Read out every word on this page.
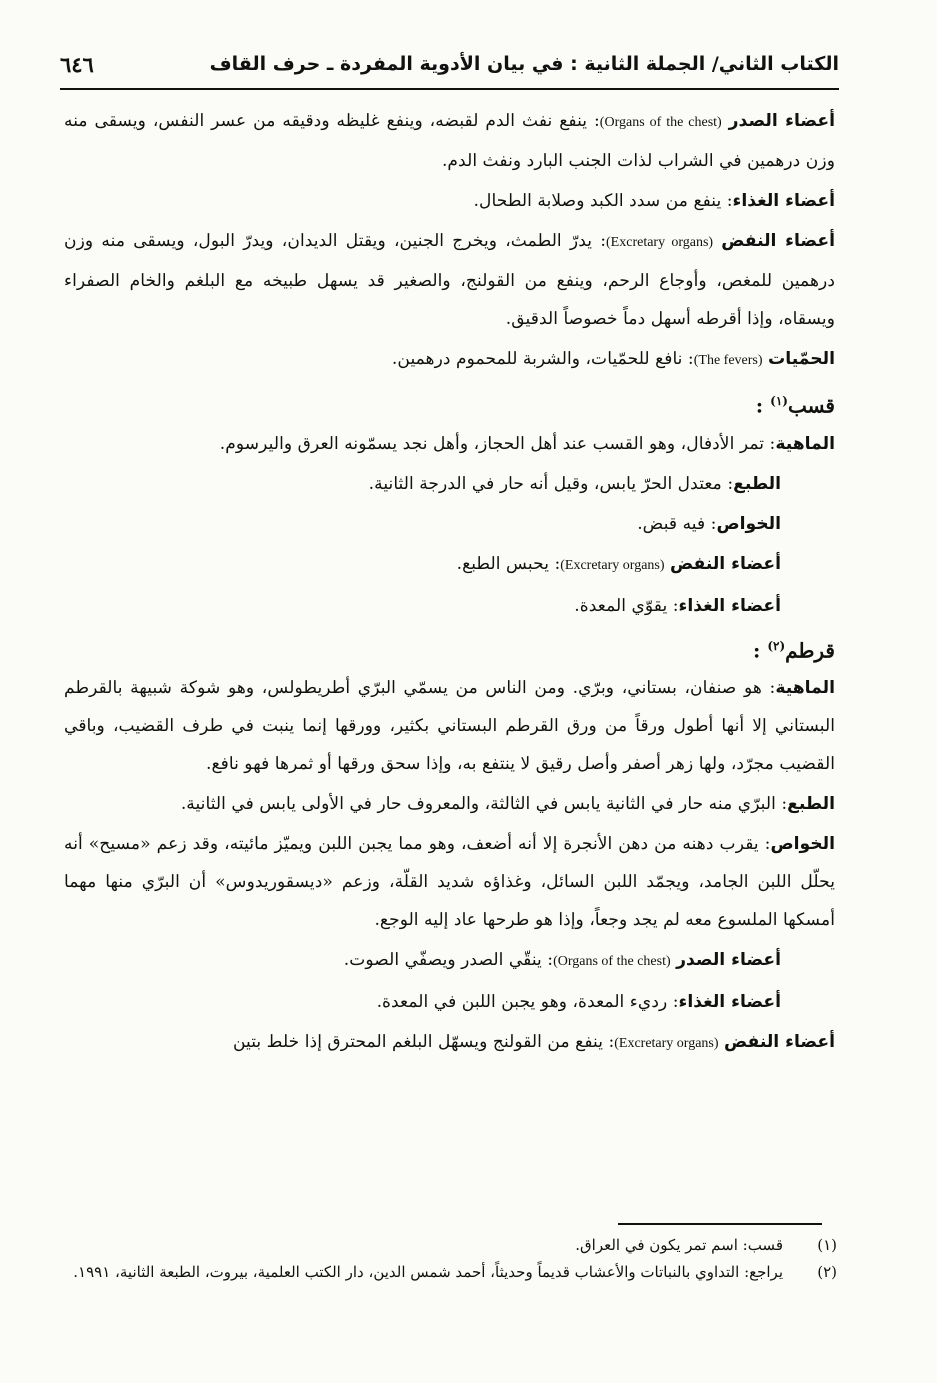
الكتاب الثاني/ الجملة الثانية : في بيان الأدوية المفردة ـ حرف القاف
٦٤٦

أعضاء الصدر (Organs of the chest): ينفع نفث الدم لقبضه، وينفع غليظه ودقيقه من عسر النفس، ويسقى منه وزن درهمين في الشراب لذات الجنب البارد ونفث الدم.

أعضاء الغذاء: ينفع من سدد الكبد وصلابة الطحال.

أعضاء النفض (Excretary organs): يدرّ الطمث، ويخرج الجنين، ويقتل الديدان، ويدرّ البول، ويسقى منه وزن درهمين للمغص، وأوجاع الرحم، وينفع من القولنج، والصغير قد يسهل طبيخه مع البلغم والخام الصفراء ويسقاه، وإذا أقرطه أسهل دماً خصوصاً الدقيق.

الحمّيات (The fevers): نافع للحمّيات، والشربة للمحموم درهمين.

قسب$^{(١)}$ :

الماهية: تمر الأدفال، وهو القسب عند أهل الحجاز، وأهل نجد يسمّونه العرق واليرسوم.

الطبع: معتدل الحرّ يابس، وقيل أنه حار في الدرجة الثانية.

الخواص: فيه قبض.

أعضاء النفض (Excretary organs): يحبس الطبع.

أعضاء الغذاء: يقوّي المعدة.

قرطم$^{(٢)}$ :

الماهية: هو صنفان، بستاني، وبرّي. ومن الناس من يسمّي البرّي أطريطولس، وهو شوكة شبيهة بالقرطم البستاني إلا أنها أطول ورقاً من ورق القرطم البستاني بكثير، وورقها إنما ينبت في طرف القضيب، وباقي القضيب مجرّد، ولها زهر أصفر وأصل رقيق لا ينتفع به، وإذا سحق ورقها أو ثمرها فهو نافع.

الطبع: البرّي منه حار في الثانية يابس في الثالثة، والمعروف حار في الأولى يابس في الثانية.

الخواص: يقرب دهنه من دهن الأنجرة إلا أنه أضعف، وهو مما يجبن اللبن ويميّز مائيته، وقد زعم «مسيح» أنه يحلّل اللبن الجامد، ويجمّد اللبن السائل، وغذاؤه شديد القلّة، وزعم «ديسقوريدوس» أن البرّي منها مهما أمسكها الملسوع معه لم يجد وجعاً، وإذا هو طرحها عاد إليه الوجع.

أعضاء الصدر (Organs of the chest): ينقّي الصدر ويصفّي الصوت.

أعضاء الغذاء: رديء المعدة، وهو يجبن اللبن في المعدة.

أعضاء النفض (Excretary organs): ينفع من القولنج ويسهّل البلغم المحترق إذا خلط بتين

(١)
قسب: اسم تمر يكون في العراق.
(٢)
يراجع: التداوي بالنباتات والأعشاب قديماً وحديثاً، أحمد شمس الدين، دار الكتب العلمية، بيروت، الطبعة الثانية، ١٩٩١.
